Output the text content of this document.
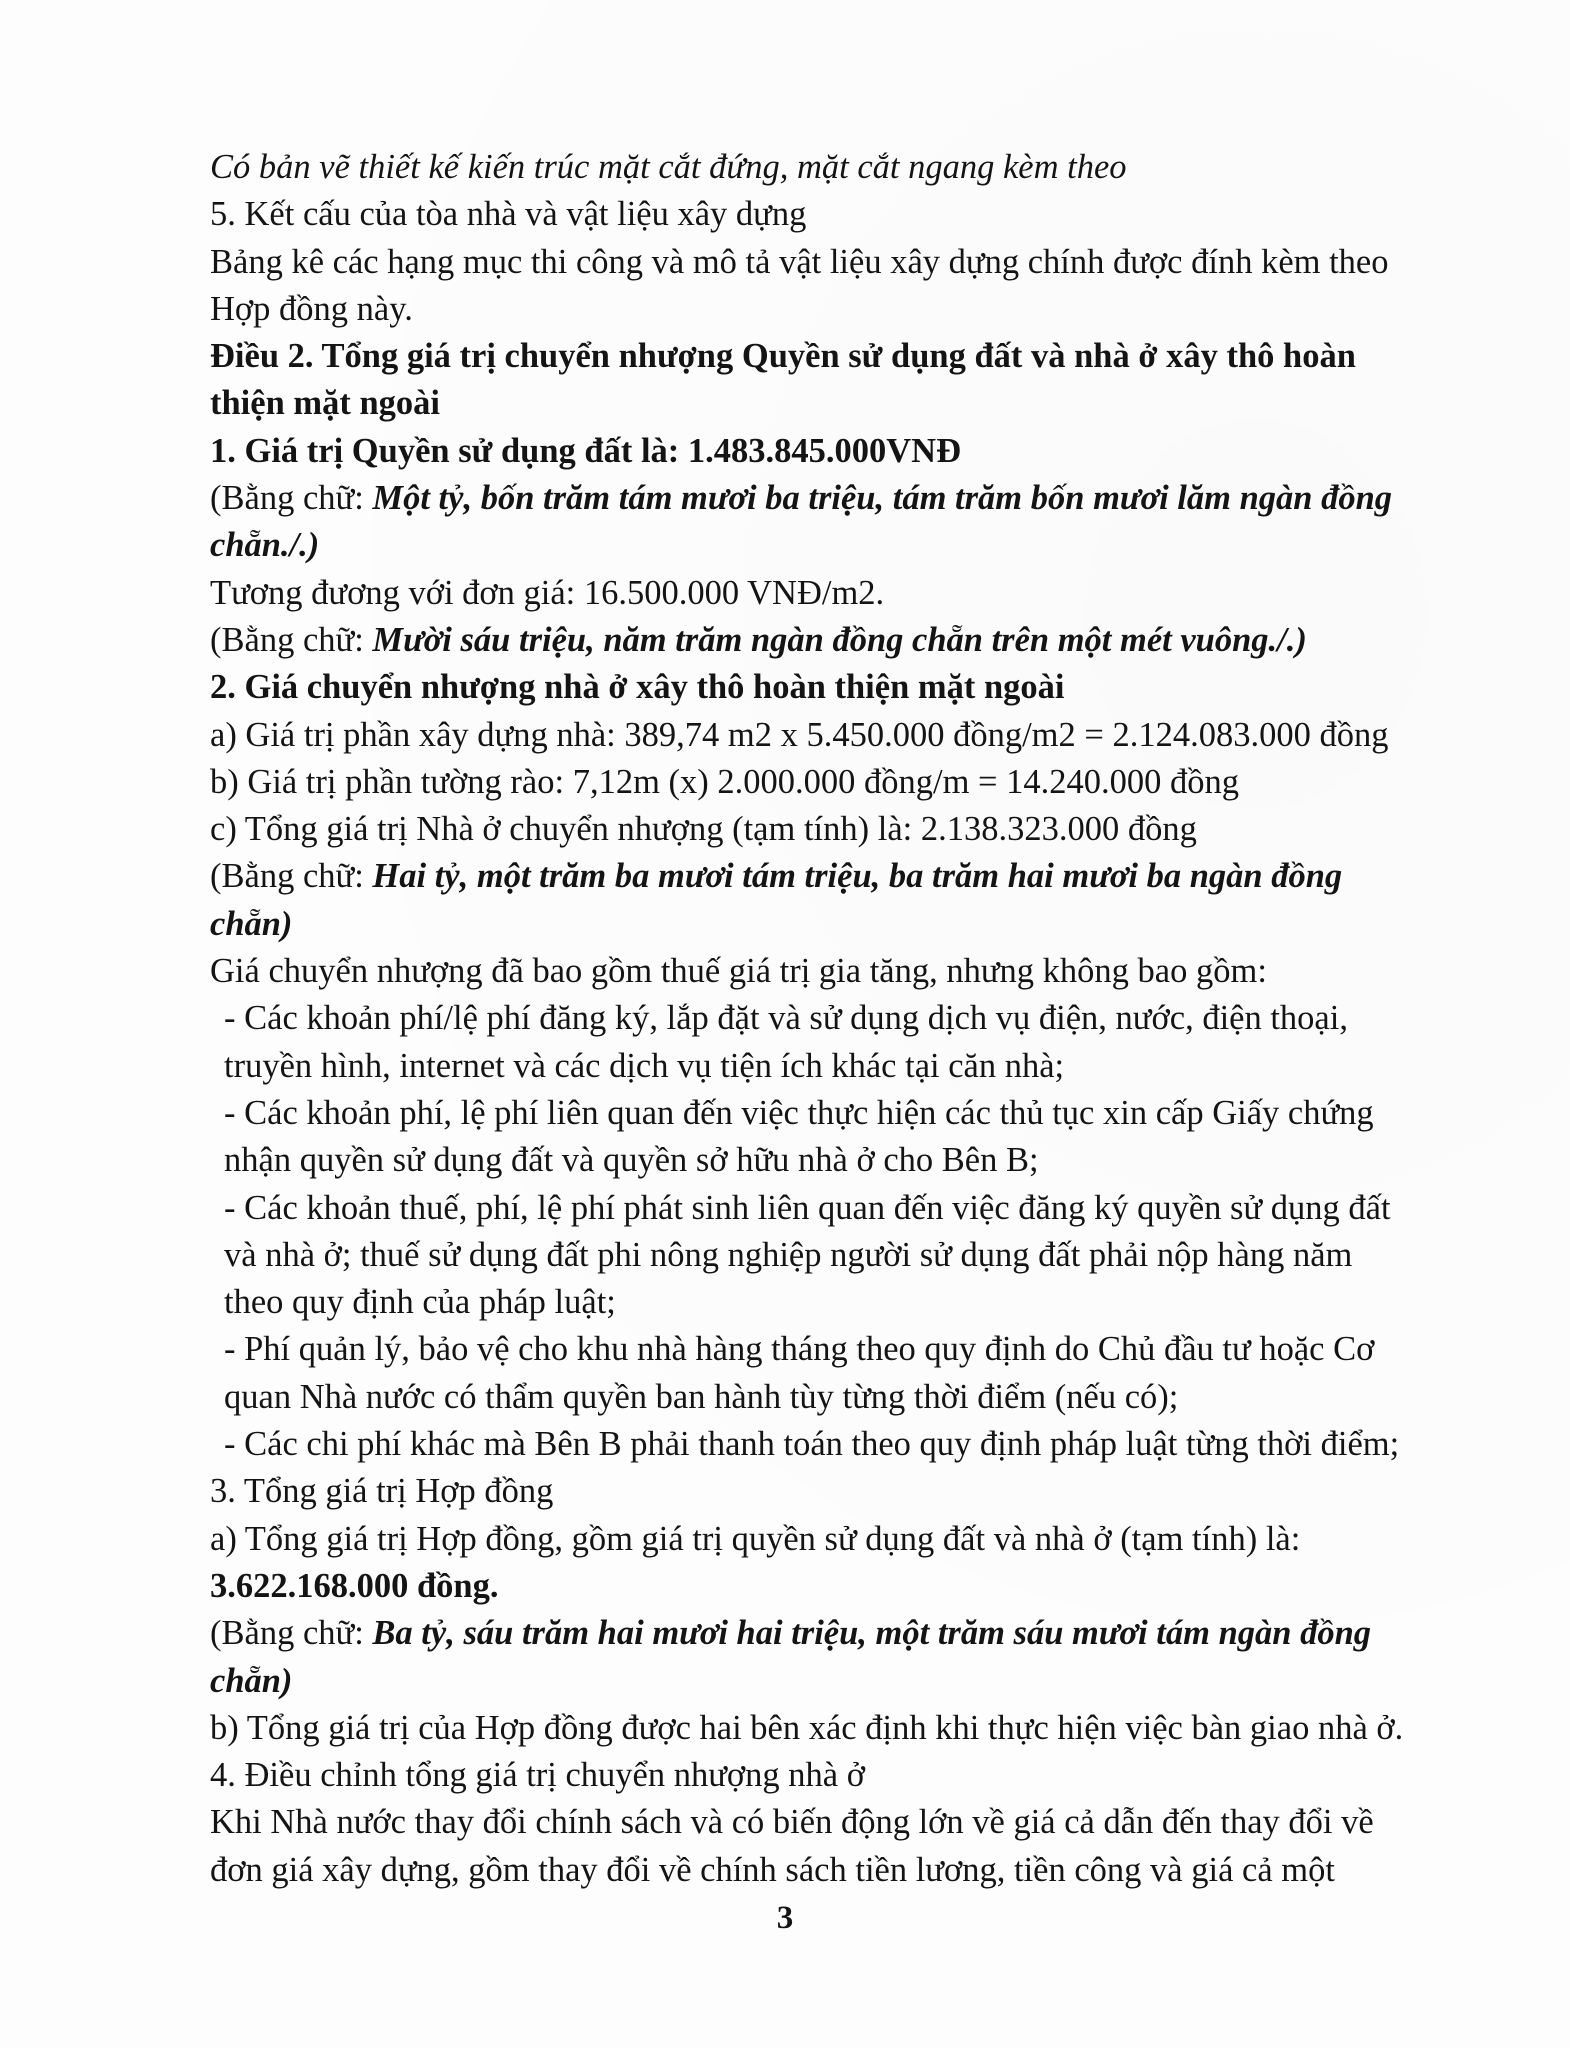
Có bản vẽ thiết kế kiến trúc mặt cắt đứng, mặt cắt ngang kèm theo

5. Kết cấu của tòa nhà và vật liệu xây dựng

Bảng kê các hạng mục thi công và mô tả vật liệu xây dựng chính được đính kèm theo

Hợp đồng này.

Điều 2. Tổng giá trị chuyển nhượng Quyền sử dụng đất và nhà ở xây thô hoàn

thiện mặt ngoài

1. Giá trị Quyền sử dụng đất là: 1.483.845.000VNĐ

(Bằng chữ: Một tỷ, bốn trăm tám mươi ba triệu, tám trăm bốn mươi lăm ngàn đồng

chẵn./.)

Tương đương với đơn giá: 16.500.000 VNĐ/m2.

(Bằng chữ: Mười sáu triệu, năm trăm ngàn đồng chẵn trên một mét vuông./.)

2. Giá chuyển nhượng nhà ở xây thô hoàn thiện mặt ngoài

a) Giá trị phần xây dựng nhà: 389,74 m2 x 5.450.000 đồng/m2 = 2.124.083.000 đồng

b) Giá trị phần tường rào: 7,12m (x) 2.000.000 đồng/m = 14.240.000 đồng

c) Tổng giá trị Nhà ở chuyển nhượng (tạm tính) là: 2.138.323.000 đồng

(Bằng chữ: Hai tỷ, một trăm ba mươi tám triệu, ba trăm hai mươi ba ngàn đồng

chẵn)

Giá chuyển nhượng đã bao gồm thuế giá trị gia tăng, nhưng không bao gồm:

- Các khoản phí/lệ phí đăng ký, lắp đặt và sử dụng dịch vụ điện, nước, điện thoại,

truyền hình, internet và các dịch vụ tiện ích khác tại căn nhà;

- Các khoản phí, lệ phí liên quan đến việc thực hiện các thủ tục xin cấp Giấy chứng

nhận quyền sử dụng đất và quyền sở hữu nhà ở cho Bên B;

- Các khoản thuế, phí, lệ phí phát sinh liên quan đến việc đăng ký quyền sử dụng đất

và nhà ở; thuế sử dụng đất phi nông nghiệp người sử dụng đất phải nộp hàng năm

theo quy định của pháp luật;

- Phí quản lý, bảo vệ cho khu nhà hàng tháng theo quy định do Chủ đầu tư hoặc Cơ

quan Nhà nước có thẩm quyền ban hành tùy từng thời điểm (nếu có);

- Các chi phí khác mà Bên B phải thanh toán theo quy định pháp luật từng thời điểm;

3. Tổng giá trị Hợp đồng

a) Tổng giá trị Hợp đồng, gồm giá trị quyền sử dụng đất và nhà ở (tạm tính) là:

3.622.168.000 đồng.

(Bằng chữ: Ba tỷ, sáu trăm hai mươi hai triệu, một trăm sáu mươi tám ngàn đồng

chẵn)

b) Tổng giá trị của Hợp đồng được hai bên xác định khi thực hiện việc bàn giao nhà ở.

4. Điều chỉnh tổng giá trị chuyển nhượng nhà ở

Khi Nhà nước thay đổi chính sách và có biến động lớn về giá cả dẫn đến thay đổi về

đơn giá xây dựng, gồm thay đổi về chính sách tiền lương, tiền công và giá cả một

3
